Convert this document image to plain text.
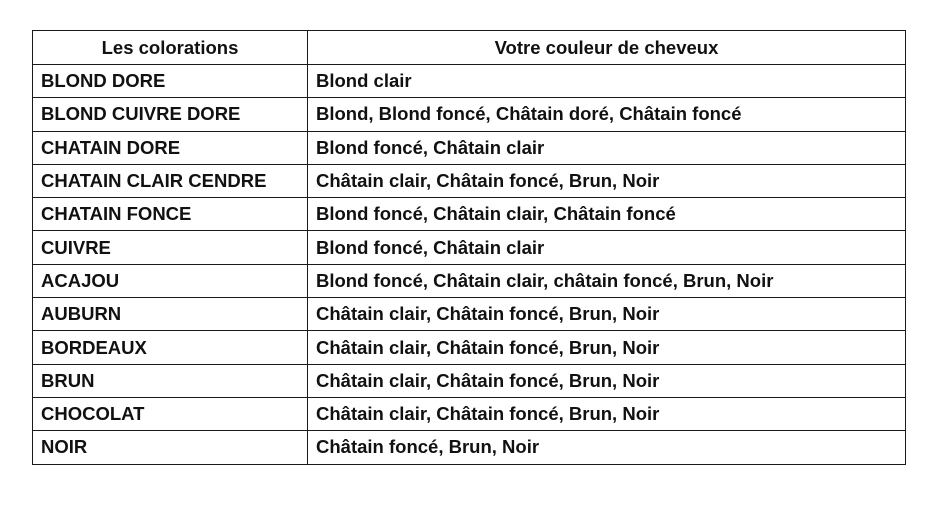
Les colorations	Votre couleur de cheveux
BLOND DORE	Blond clair
BLOND CUIVRE DORE	Blond, Blond foncé, Châtain doré, Châtain foncé
CHATAIN DORE	Blond foncé, Châtain clair
CHATAIN CLAIR CENDRE	Châtain clair, Châtain foncé, Brun, Noir
CHATAIN FONCE	Blond foncé, Châtain clair, Châtain foncé
CUIVRE	Blond foncé, Châtain clair
ACAJOU	Blond foncé, Châtain clair, châtain foncé, Brun, Noir
AUBURN	Châtain clair, Châtain foncé, Brun, Noir
BORDEAUX	Châtain clair, Châtain foncé, Brun, Noir
BRUN	Châtain clair, Châtain foncé, Brun, Noir
CHOCOLAT	Châtain clair, Châtain foncé, Brun, Noir
NOIR	Châtain foncé, Brun, Noir
